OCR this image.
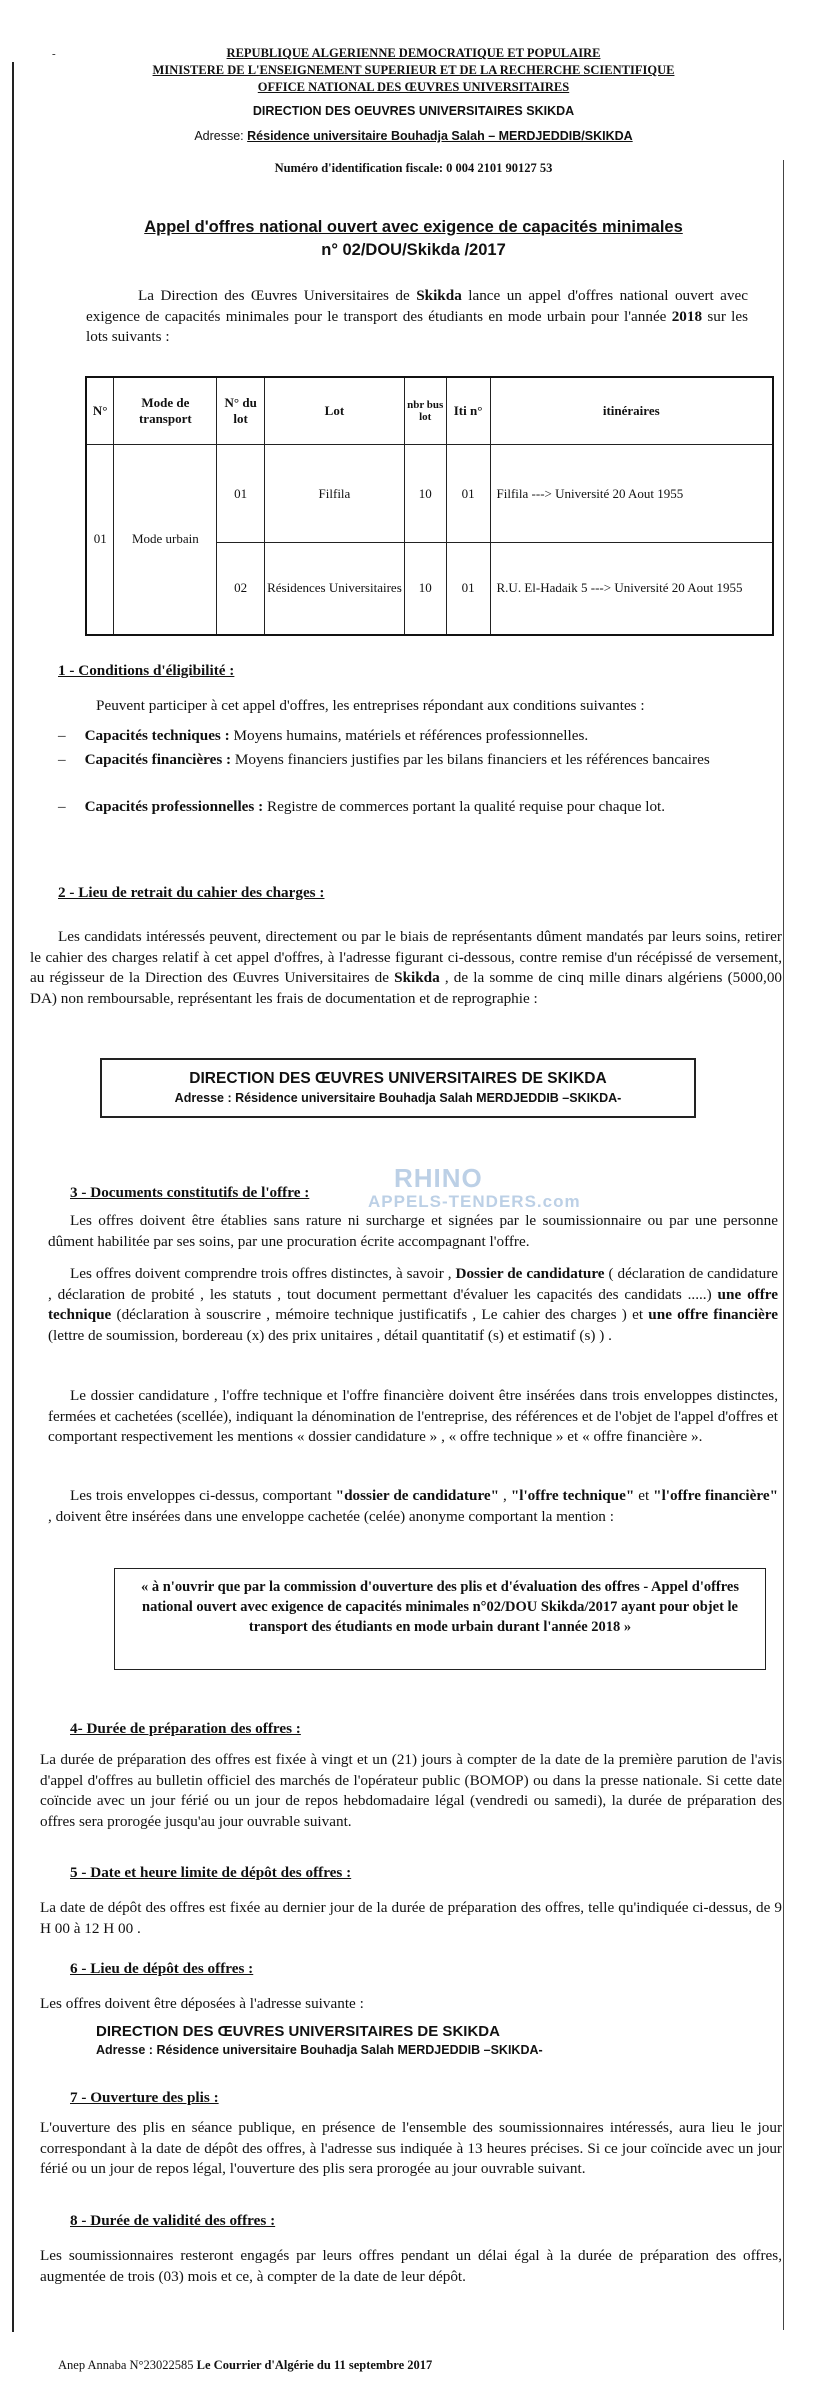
-	REPUBLIQUE ALGERIENNE DEMOCRATIQUE ET POPULAIRE
MINISTERE DE L'ENSEIGNEMENT SUPERIEUR ET DE LA RECHERCHE SCIENTIFIQUE
OFFICE NATIONAL DES ŒUVRES UNIVERSITAIRES
DIRECTION DES OEUVRES UNIVERSITAIRES SKIKDA
Adresse: Résidence universitaire Bouhadja Salah – MERDJEDDIB/SKIKDA
Numéro d'identification fiscale: 0 004 2101 90127 53
Appel d'offres national ouvert avec exigence de capacités minimales
n° 02/DOU/Skikda /2017
La Direction des Œuvres Universitaires de Skikda lance un appel d'offres national ouvert avec exigence de capacités minimales pour le transport des étudiants en mode urbain pour l'année 2018 sur les lots suivants :
N°	Mode de transport	N° du lot	Lot	nbr bus lot	Iti n°	itinéraires
01	Mode urbain	01	Filfila	10	01	Filfila ---> Université 20 Aout 1955
		02	Résidences Universitaires	10	01	R.U. El-Hadaik 5 ---> Université 20 Aout 1955
1 - Conditions d'éligibilité :
Peuvent participer à cet appel d'offres, les entreprises répondant aux conditions suivantes :
– Capacités techniques : Moyens humains, matériels et références professionnelles.
– Capacités financières : Moyens financiers justifies par les bilans financiers et les références bancaires
– Capacités professionnelles : Registre de commerces portant la qualité requise pour chaque lot.
2 - Lieu de retrait du cahier des charges :
Les candidats intéressés peuvent, directement ou par le biais de représentants dûment mandatés par leurs soins, retirer le cahier des charges relatif à cet appel d'offres, à l'adresse figurant ci-dessous, contre remise d'un récépissé de versement, au régisseur de la Direction des Œuvres Universitaires de Skikda , de la somme de cinq mille dinars algériens (5000,00 DA) non remboursable, représentant les frais de documentation et de reprographie :
DIRECTION DES ŒUVRES UNIVERSITAIRES DE SKIKDA
Adresse : Résidence universitaire Bouhadja Salah MERDJEDDIB –SKIKDA-
RHINO
APPELS-TENDERS.com
3 - Documents constitutifs de l'offre :
Les offres doivent être établies sans rature ni surcharge et signées par le soumissionnaire ou par une personne dûment habilitée par ses soins, par une procuration écrite accompagnant l'offre.
Les offres doivent comprendre trois offres distinctes, à savoir , Dossier de candidature ( déclaration de candidature , déclaration de probité , les statuts , tout document permettant d'évaluer les capacités des candidats .....) une offre technique (déclaration à souscrire , mémoire technique justificatifs , Le cahier des charges ) et une offre financière (lettre de soumission, bordereau (x) des prix unitaires , détail quantitatif (s) et estimatif (s) ) .
Le dossier candidature , l'offre technique et l'offre financière doivent être insérées dans trois enveloppes distinctes, fermées et cachetées (scellée), indiquant la dénomination de l'entreprise, des références et de l'objet de l'appel d'offres et comportant respectivement les mentions « dossier candidature » , « offre technique » et « offre financière ».
Les trois enveloppes ci-dessus, comportant "dossier de candidature" , "l'offre technique" et "l'offre financière" , doivent être insérées dans une enveloppe cachetée (celée) anonyme comportant la mention :
« à n'ouvrir que par la commission d'ouverture des plis et d'évaluation des offres - Appel d'offres national ouvert avec exigence de capacités minimales n°02/DOU Skikda/2017 ayant pour objet le transport des étudiants en mode urbain durant l'année 2018 »
4- Durée de préparation des offres :
La durée de préparation des offres est fixée à vingt et un (21) jours à compter de la date de la première parution de l'avis d'appel d'offres au bulletin officiel des marchés de l'opérateur public (BOMOP) ou dans la presse nationale. Si cette date coïncide avec un jour férié ou un jour de repos hebdomadaire légal (vendredi ou samedi), la durée de préparation des offres sera prorogée jusqu'au jour ouvrable suivant.
5 - Date et heure limite de dépôt des offres :
La date de dépôt des offres est fixée au dernier jour de la durée de préparation des offres, telle qu'indiquée ci-dessus, de 9 H 00 à 12 H 00 .
6 - Lieu de dépôt des offres :
Les offres doivent être déposées à l'adresse suivante :
DIRECTION DES ŒUVRES UNIVERSITAIRES DE SKIKDA
Adresse : Résidence universitaire Bouhadja Salah MERDJEDDIB –SKIKDA-
7 - Ouverture des plis :
L'ouverture des plis en séance publique, en présence de l'ensemble des soumissionnaires intéressés, aura lieu le jour correspondant à la date de dépôt des offres, à l'adresse sus indiquée à 13 heures précises. Si ce jour coïncide avec un jour férié ou un jour de repos légal, l'ouverture des plis sera prorogée au jour ouvrable suivant.
8 - Durée de validité des offres :
Les soumissionnaires resteront engagés par leurs offres pendant un délai égal à la durée de préparation des offres, augmentée de trois (03) mois et ce, à compter de la date de leur dépôt.
Anep Annaba N°23022585 Le Courrier d'Algérie du 11 septembre 2017
